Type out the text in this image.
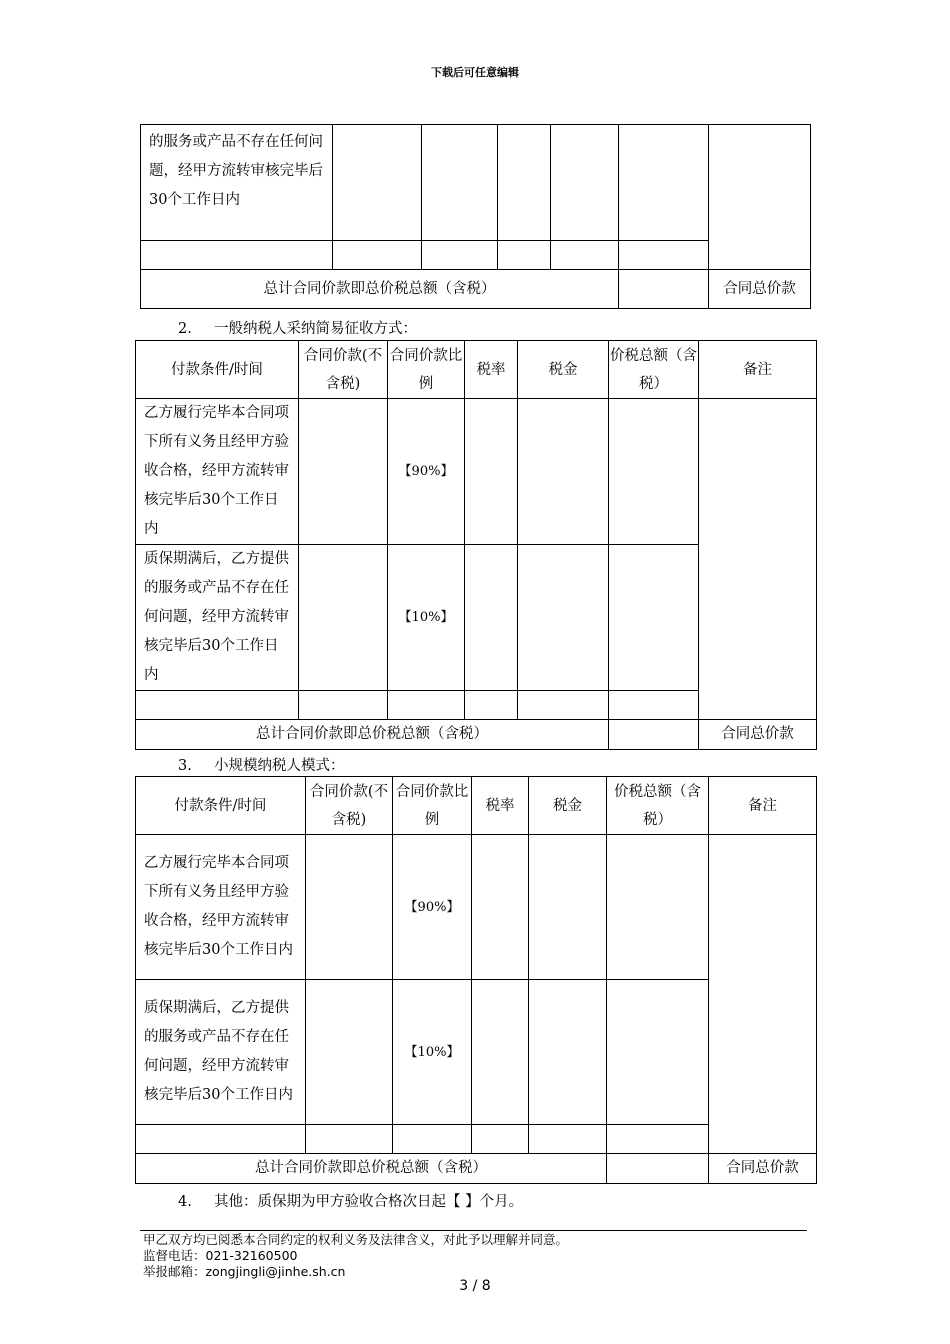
下载后可任意编辑
的服务或产品不存在任何问题，经甲方流转审核完毕后30个工作日内						

总计合同价款即总价税总额（含税）						合同总价款
2. 一般纳税人采纳简易征收方式：
付款条件/时间	合同价款(不含税)	合同价款比例	税率	税金	价税总额（含税）	备注
乙方履行完毕本合同项下所有义务且经甲方验收合格，经甲方流转审核完毕后30个工作日内		【90%】				
质保期满后，乙方提供的服务或产品不存在任何问题，经甲方流转审核完毕后30个工作日内		【10%】				

总计合同价款即总价税总额（含税）						合同总价款
3. 小规模纳税人模式：
付款条件/时间	合同价款(不含税)	合同价款比例	税率	税金	价税总额（含税）	备注
乙方履行完毕本合同项下所有义务且经甲方验收合格，经甲方流转审核完毕后30个工作日内		【90%】				
质保期满后，乙方提供的服务或产品不存在任何问题，经甲方流转审核完毕后30个工作日内		【10%】				

总计合同价款即总价税总额（含税）						合同总价款
4. 其他：质保期为甲方验收合格次日起【 】个月。
甲乙双方均已阅悉本合同约定的权利义务及法律含义，对此予以理解并同意。
监督电话：021-32160500
举报邮箱：zongjingli@jinhe.sh.cn
3 / 8
